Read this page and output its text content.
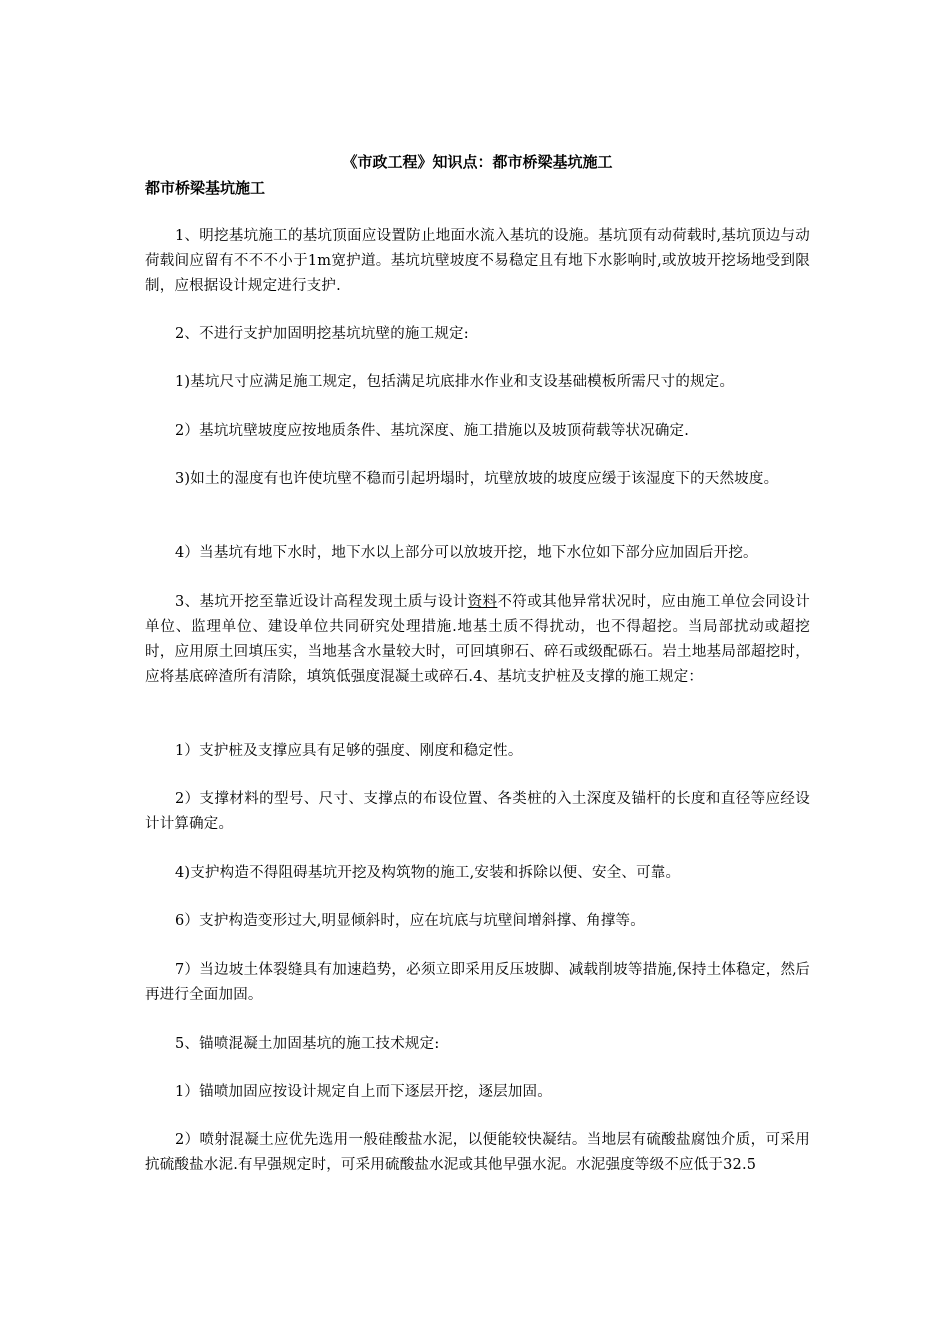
《市政工程》知识点：都市桥梁基坑施工
都市桥梁基坑施工

1、明挖基坑施工的基坑顶面应设置防止地面水流入基坑的设施。基坑顶有动荷载时,基坑顶边与动荷载间应留有不不不小于1m宽护道。基坑坑壁坡度不易稳定且有地下水影响时,或放坡开挖场地受到限制，应根据设计规定进行支护.

2、不进行支护加固明挖基坑坑壁的施工规定:

1)基坑尺寸应满足施工规定，包括满足坑底排水作业和支设基础模板所需尺寸的规定。

2）基坑坑壁坡度应按地质条件、基坑深度、施工措施以及坡顶荷载等状况确定.

3)如土的湿度有也许使坑壁不稳而引起坍塌时，坑壁放坡的坡度应缓于该湿度下的天然坡度。

4）当基坑有地下水时，地下水以上部分可以放坡开挖，地下水位如下部分应加固后开挖。

3、基坑开挖至靠近设计高程发现土质与设计资料不符或其他异常状况时，应由施工单位会同设计单位、监理单位、建设单位共同研究处理措施.地基土质不得扰动，也不得超挖。当局部扰动或超挖时，应用原土回填压实，当地基含水量较大时，可回填卵石、碎石或级配砾石。岩土地基局部超挖时，应将基底碎渣所有清除，填筑低强度混凝土或碎石.4、基坑支护桩及支撑的施工规定：

1）支护桩及支撑应具有足够的强度、刚度和稳定性。

2）支撑材料的型号、尺寸、支撑点的布设位置、各类桩的入土深度及锚杆的长度和直径等应经设计计算确定。

4)支护构造不得阻碍基坑开挖及构筑物的施工,安装和拆除以便、安全、可靠。

6）支护构造变形过大,明显倾斜时，应在坑底与坑壁间增斜撑、角撑等。

7）当边坡土体裂缝具有加速趋势，必须立即采用反压坡脚、减载削坡等措施,保持土体稳定，然后再进行全面加固。

5、锚喷混凝土加固基坑的施工技术规定:

1）锚喷加固应按设计规定自上而下逐层开挖，逐层加固。

2）喷射混凝土应优先选用一般硅酸盐水泥，以便能较快凝结。当地层有硫酸盐腐蚀介质，可采用抗硫酸盐水泥.有早强规定时，可采用硫酸盐水泥或其他早强水泥。水泥强度等级不应低于32.5
